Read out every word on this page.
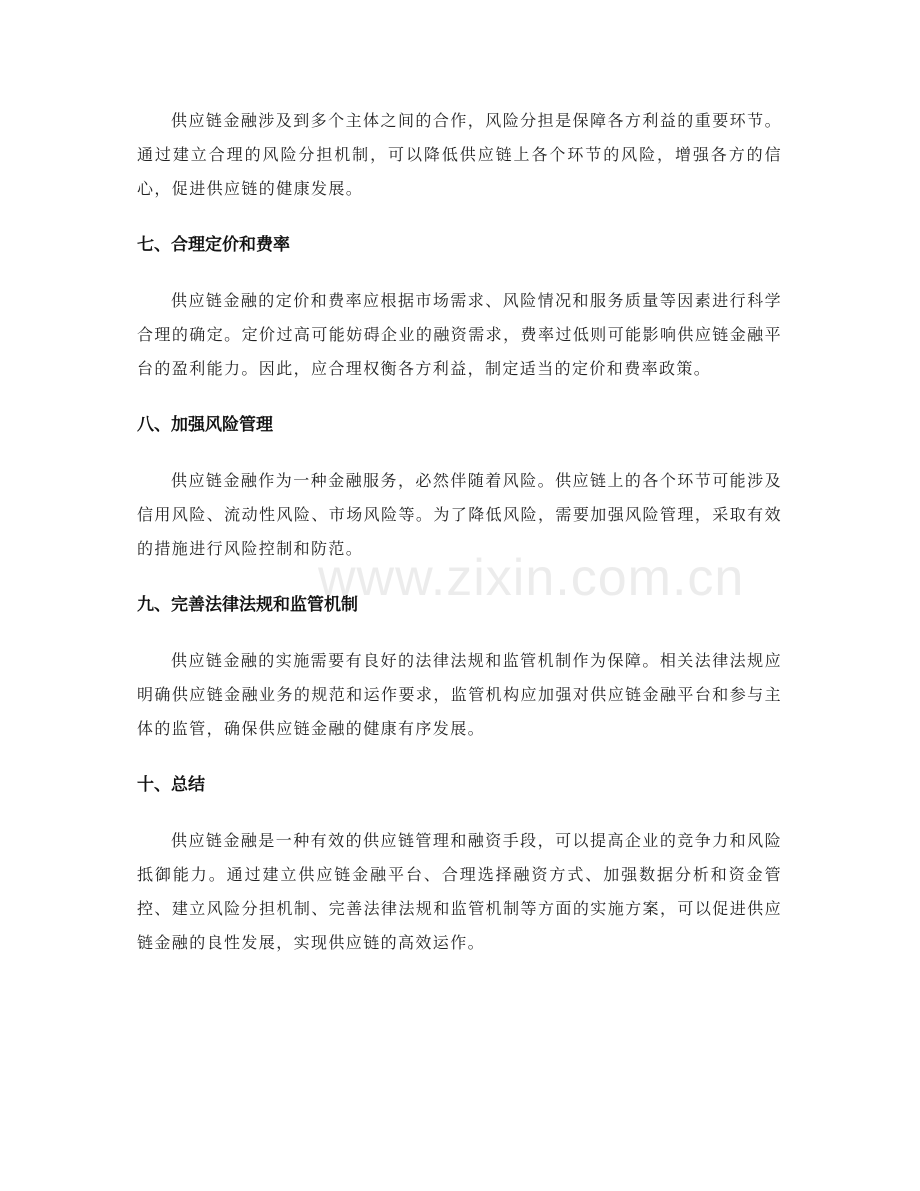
供应链金融涉及到多个主体之间的合作，风险分担是保障各方利益的重要环节。通过建立合理的风险分担机制，可以降低供应链上各个环节的风险，增强各方的信心，促进供应链的健康发展。

七、合理定价和费率

供应链金融的定价和费率应根据市场需求、风险情况和服务质量等因素进行科学合理的确定。定价过高可能妨碍企业的融资需求，费率过低则可能影响供应链金融平台的盈利能力。因此，应合理权衡各方利益，制定适当的定价和费率政策。

八、加强风险管理

供应链金融作为一种金融服务，必然伴随着风险。供应链上的各个环节可能涉及信用风险、流动性风险、市场风险等。为了降低风险，需要加强风险管理，采取有效的措施进行风险控制和防范。

九、完善法律法规和监管机制

供应链金融的实施需要有良好的法律法规和监管机制作为保障。相关法律法规应明确供应链金融业务的规范和运作要求，监管机构应加强对供应链金融平台和参与主体的监管，确保供应链金融的健康有序发展。

十、总结

供应链金融是一种有效的供应链管理和融资手段，可以提高企业的竞争力和风险抵御能力。通过建立供应链金融平台、合理选择融资方式、加强数据分析和资金管控、建立风险分担机制、完善法律法规和监管机制等方面的实施方案，可以促进供应链金融的良性发展，实现供应链的高效运作。

www.zixin.com.cn
